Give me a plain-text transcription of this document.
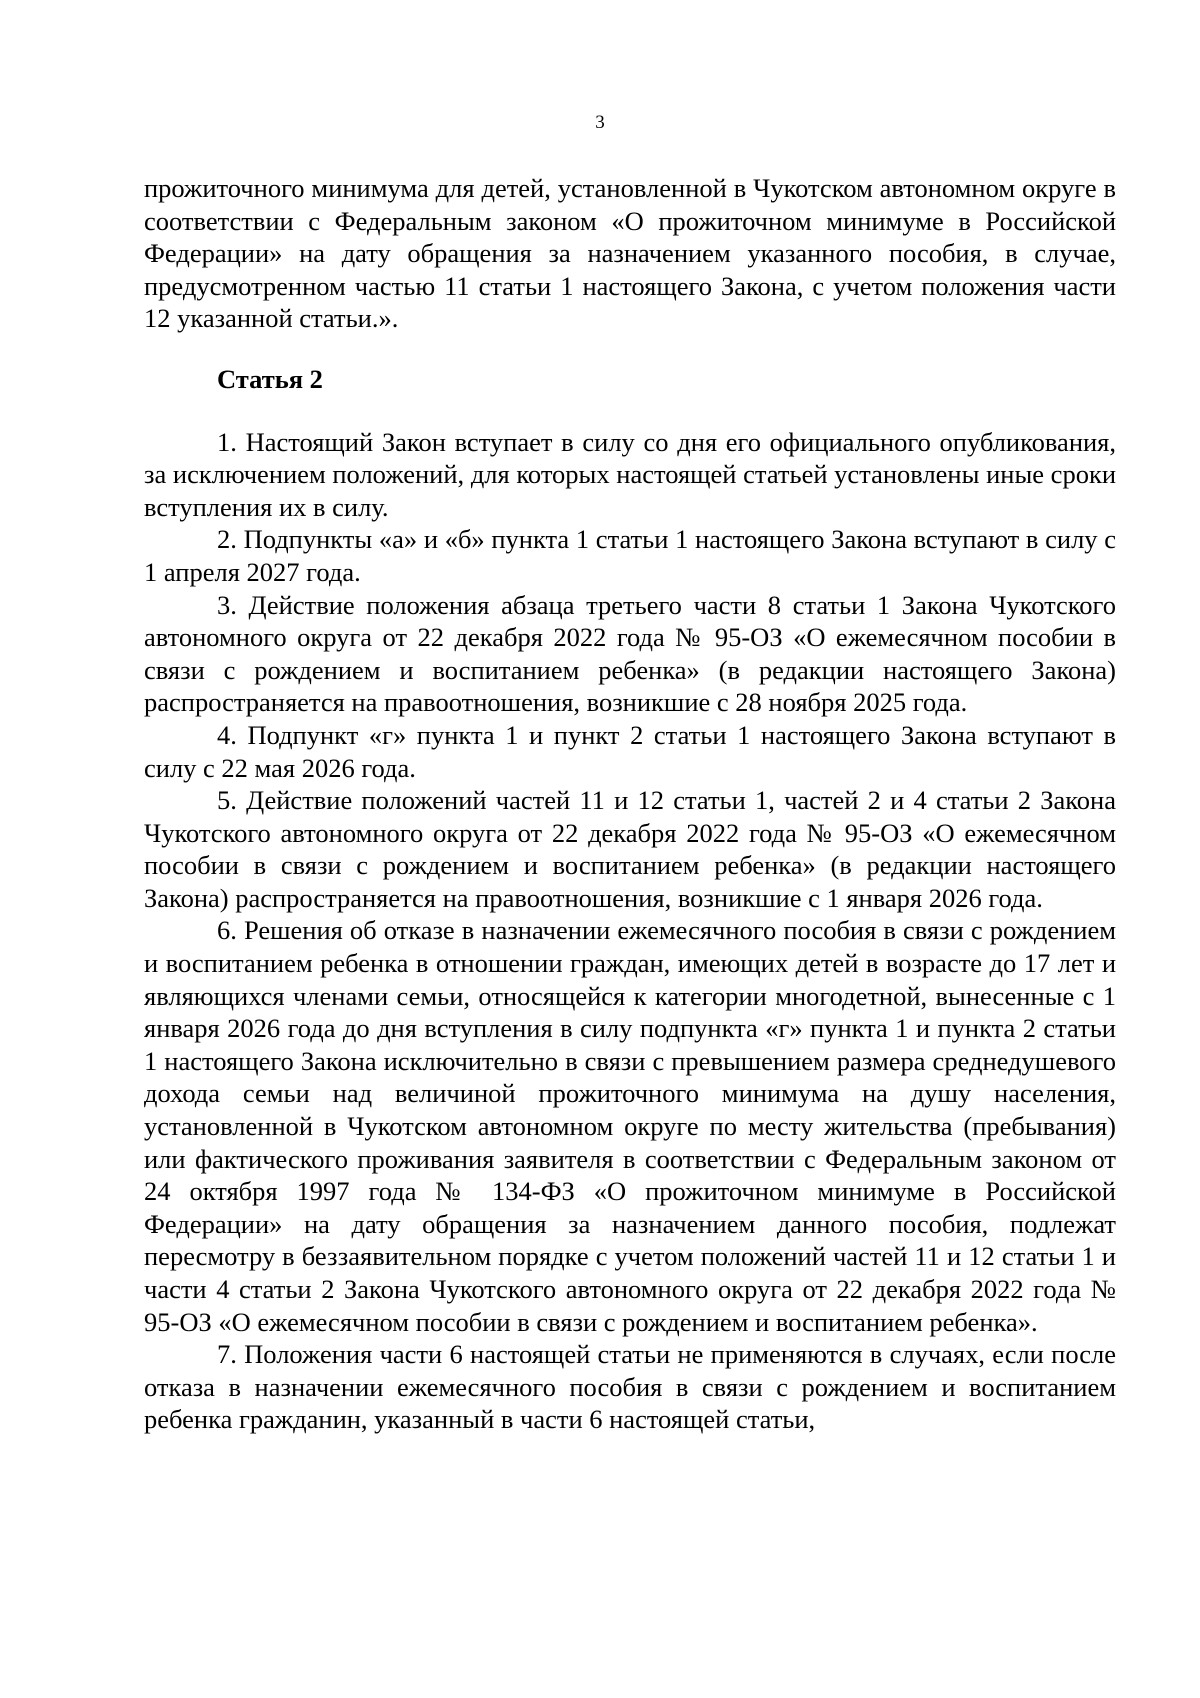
3

прожиточного минимума для детей, установленной в Чукотском автономном округе в соответствии с Федеральным законом «О прожиточном минимуме в Российской Федерации» на дату обращения за назначением указанного пособия, в случае, предусмотренном частью 11 статьи 1 настоящего Закона, с учетом положения части 12 указанной статьи.».

Статья 2

1. Настоящий Закон вступает в силу со дня его официального опубликования, за исключением положений, для которых настоящей статьей установлены иные сроки вступления их в силу.

2. Подпункты «а» и «б» пункта 1 статьи 1 настоящего Закона вступают в силу с 1 апреля 2027 года.

3. Действие положения абзаца третьего части 8 статьи 1 Закона Чукотского автономного округа от 22 декабря 2022 года № 95-ОЗ «О ежемесячном пособии в связи с рождением и воспитанием ребенка» (в редакции настоящего Закона) распространяется на правоотношения, возникшие с 28 ноября 2025 года.

4. Подпункт «г» пункта 1 и пункт 2 статьи 1 настоящего Закона вступают в силу с 22 мая 2026 года.

5. Действие положений частей 11 и 12 статьи 1, частей 2 и 4 статьи 2 Закона Чукотского автономного округа от 22 декабря 2022 года № 95-ОЗ «О ежемесячном пособии в связи с рождением и воспитанием ребенка» (в редакции настоящего Закона) распространяется на правоотношения, возникшие с 1 января 2026 года.

6. Решения об отказе в назначении ежемесячного пособия в связи с рождением и воспитанием ребенка в отношении граждан, имеющих детей в возрасте до 17 лет и являющихся членами семьи, относящейся к категории многодетной, вынесенные с 1 января 2026 года до дня вступления в силу подпункта «г» пункта 1 и пункта 2 статьи 1 настоящего Закона исключительно в связи с превышением размера среднедушевого дохода семьи над величиной прожиточного минимума на душу населения, установленной в Чукотском автономном округе по месту жительства (пребывания) или фактического проживания заявителя в соответствии с Федеральным законом от 24 октября 1997 года № 134-ФЗ «О прожиточном минимуме в Российской Федерации» на дату обращения за назначением данного пособия, подлежат пересмотру в беззаявительном порядке с учетом положений частей 11 и 12 статьи 1 и части 4 статьи 2 Закона Чукотского автономного округа от 22 декабря 2022 года № 95-ОЗ «О ежемесячном пособии в связи с рождением и воспитанием ребенка».

7. Положения части 6 настоящей статьи не применяются в случаях, если после отказа в назначении ежемесячного пособия в связи с рождением и воспитанием ребенка гражданин, указанный в части 6 настоящей статьи,
